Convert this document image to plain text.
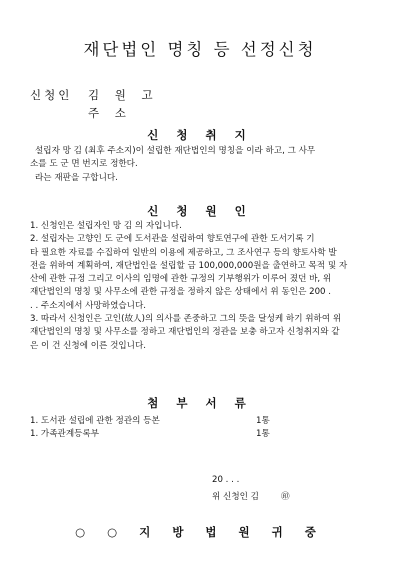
재단법인 명칭 등 선정신청
신청인	김 원 고
주 소
신 청 취 지

설립자 망 김 (최후 주소지)이 설립한 재단법인의 명칭을 이라 하고, 그 사무

소를 도 군 면 번지로 정한다.

라는 재판을 구합니다.

신 청 원 인

1. 신청인은 설립자인 망 김 의 자입니다.

2. 설립자는 고향인 도 군에 도서관을 설립하여 향토연구에 관한 도서기록 기

타 필요한 자료를 수집하여 일반의 이용에 제공하고, 그 조사연구 등의 향토사학 발

전을 위하여 계획하여, 재단법인을 설립할 금 100,000,000원을 출연하고 목적 및 자

산에 관한 규정 그리고 이사의 임명에 관한 규정의 기부행위가 이루어 졌던 바, 위

재단법인의 명칭 및 사무소에 관한 규정을 정하지 않은 상태에서 위 동인은 200 .

. . 주소지에서 사망하였습니다.

3. 따라서 신청인은 고인(故人)의 의사를 존중하고 그의 뜻을 달성케 하기 위하여 위

재단법인의 명칭 및 사무소를 정하고 재단법인의 정관을 보충 하고자 신청취지와 같

은 이 건 신청에 이른 것입니다.

첨 부 서 류
1. 도서관 설립에 관한 정관의 등본	1통
1. 가족관계등록부	1통
20 . . .
위 신청인 김	㊞
○ ○ 지 방 법 원 귀 중
